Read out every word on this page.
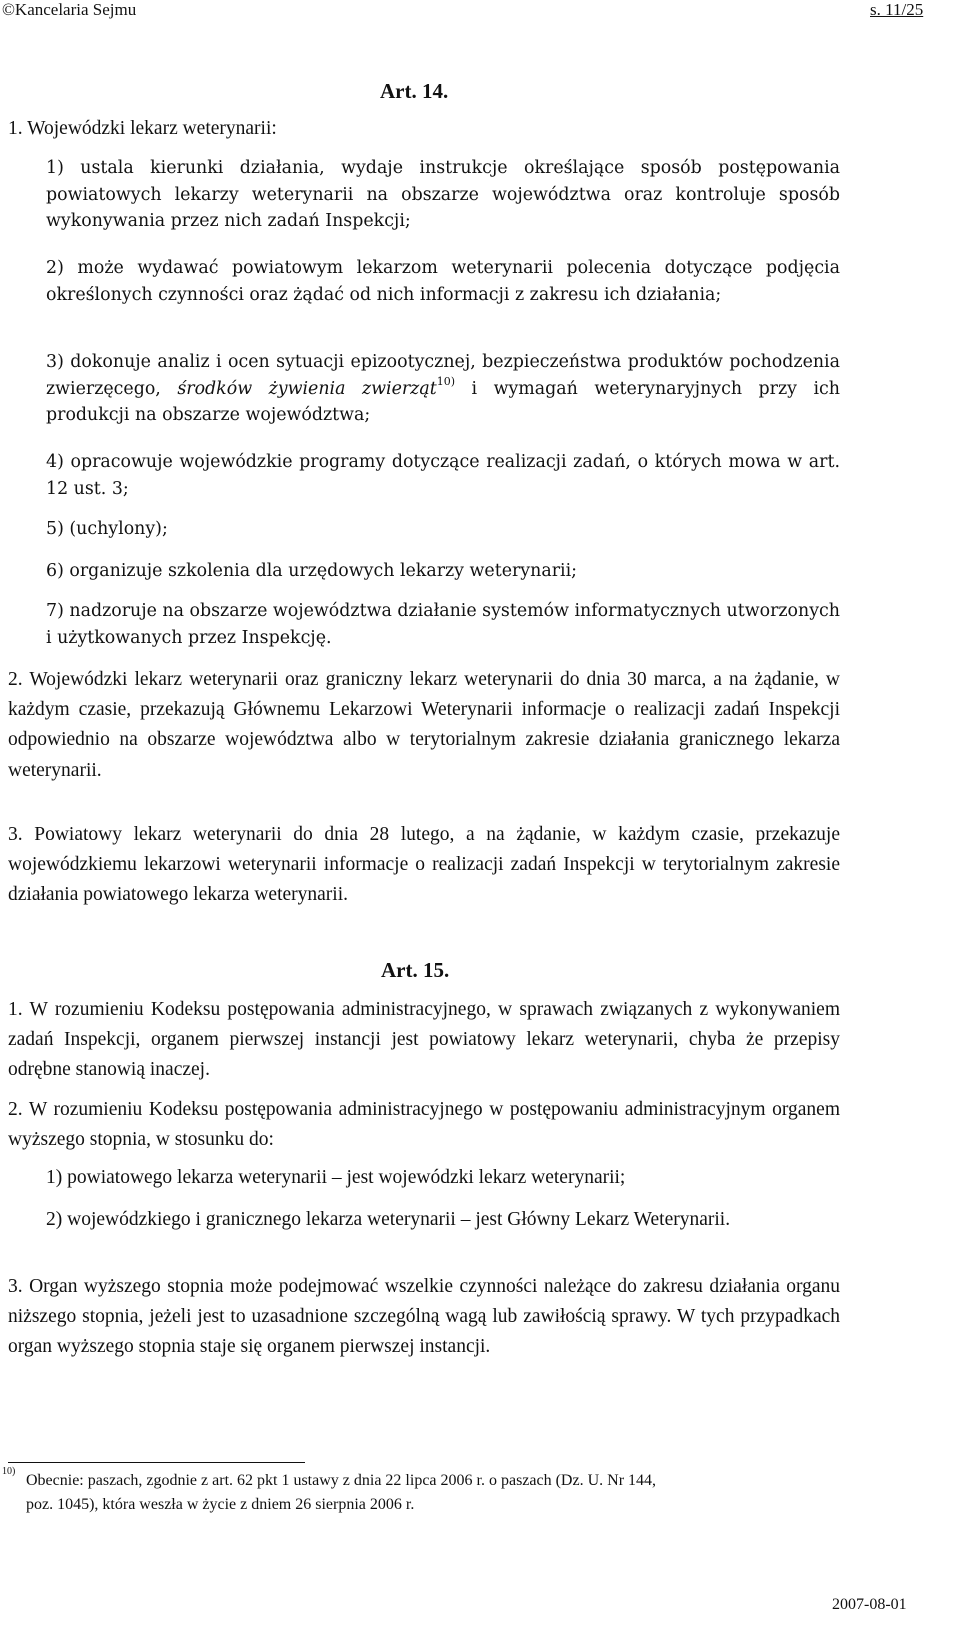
©Kancelaria Sejmu	s. 11/25
Art. 14.
1. Wojewódzki lekarz weterynarii:
1) ustala kierunki działania, wydaje instrukcje określające sposób postępowania powiatowych lekarzy weterynarii na obszarze województwa oraz kontroluje sposób wykonywania przez nich zadań Inspekcji;
2) może wydawać powiatowym lekarzom weterynarii polecenia dotyczące podjęcia określonych czynności oraz żądać od nich informacji z zakresu ich działania;
3) dokonuje analiz i ocen sytuacji epizootycznej, bezpieczeństwa produktów pochodzenia zwierzęcego, środków żywienia zwierząt$^{10)}$ i wymagań weterynaryjnych przy ich produkcji na obszarze województwa;
4) opracowuje wojewódzkie programy dotyczące realizacji zadań, o których mowa w art. 12 ust. 3;
5) (uchylony);
6) organizuje szkolenia dla urzędowych lekarzy weterynarii;
7) nadzoruje na obszarze województwa działanie systemów informatycznych utworzonych i użytkowanych przez Inspekcję.
2. Wojewódzki lekarz weterynarii oraz graniczny lekarz weterynarii do dnia 30 marca, a na żądanie, w każdym czasie, przekazują Głównemu Lekarzowi Weterynarii informacje o realizacji zadań Inspekcji odpowiednio na obszarze województwa albo w terytorialnym zakresie działania granicznego lekarza weterynarii.
3. Powiatowy lekarz weterynarii do dnia 28 lutego, a na żądanie, w każdym czasie, przekazuje wojewódzkiemu lekarzowi weterynarii informacje o realizacji zadań Inspekcji w terytorialnym zakresie działania powiatowego lekarza weterynarii.
Art. 15.
1. W rozumieniu Kodeksu postępowania administracyjnego, w sprawach związanych z wykonywaniem zadań Inspekcji, organem pierwszej instancji jest powiatowy lekarz weterynarii, chyba że przepisy odrębne stanowią inaczej.
2. W rozumieniu Kodeksu postępowania administracyjnego w postępowaniu administracyjnym organem wyższego stopnia, w stosunku do:
1) powiatowego lekarza weterynarii – jest wojewódzki lekarz weterynarii;
2) wojewódzkiego i granicznego lekarza weterynarii – jest Główny Lekarz Weterynarii.
3. Organ wyższego stopnia może podejmować wszelkie czynności należące do zakresu działania organu niższego stopnia, jeżeli jest to uzasadnione szczególną wagą lub zawiłością sprawy. W tych przypadkach organ wyższego stopnia staje się organem pierwszej instancji.
$^{10)}$
Obecnie: paszach, zgodnie z art. 62 pkt 1 ustawy z dnia 22 lipca 2006 r. o paszach (Dz. U. Nr 144,
poz. 1045), która weszła w życie z dniem 26 sierpnia 2006 r.
2007-08-01
